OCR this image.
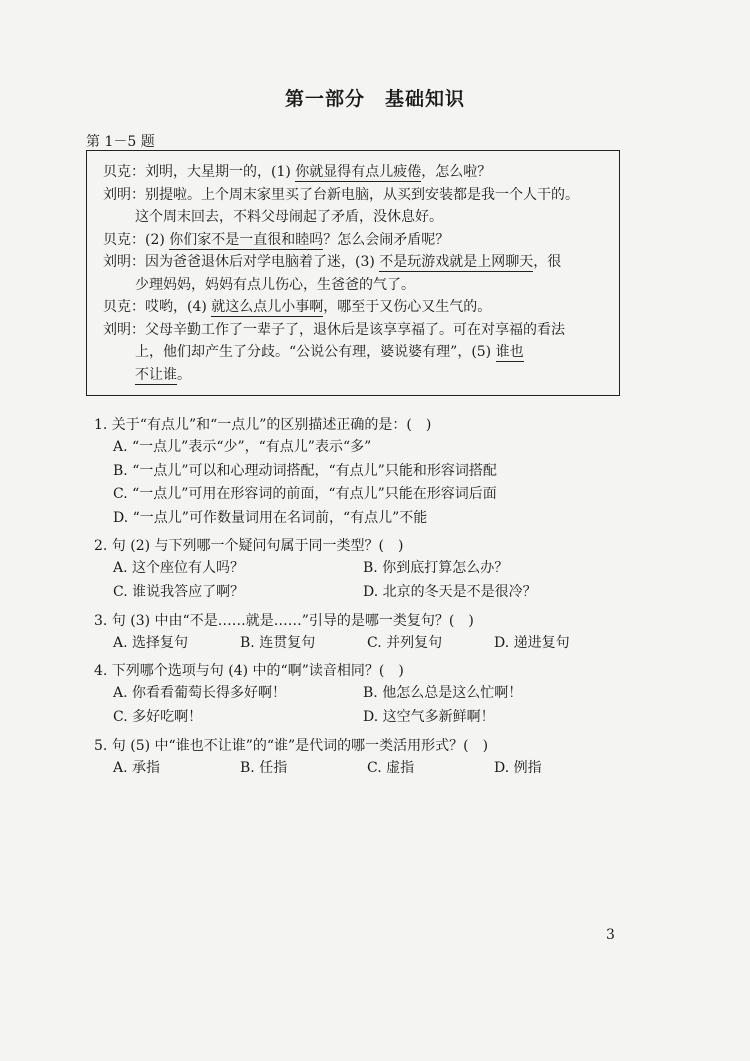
第一部分　基础知识
第 1－5 题

贝克：刘明，大星期一的，(1) 你就显得有点儿疲倦，怎么啦？

刘明：别提啦。上个周末家里买了台新电脑，从买到安装都是我一个人干的。

这个周末回去，不料父母闹起了矛盾，没休息好。

贝克：(2) 你们家不是一直很和睦吗？怎么会闹矛盾呢？

刘明：因为爸爸退休后对学电脑着了迷，(3) 不是玩游戏就是上网聊天，很

少理妈妈，妈妈有点儿伤心，生爸爸的气了。

贝克：哎哟，(4) 就这么点儿小事啊，哪至于又伤心又生气的。

刘明：父母辛勤工作了一辈子了，退休后是该享享福了。可在对享福的看法

上，他们却产生了分歧。“公说公有理，婆说婆有理”，(5) 谁也

不让谁。

1. 关于“有点儿”和“一点儿”的区别描述正确的是：(　)

A. “一点儿”表示“少”，“有点儿”表示“多”
B. “一点儿”可以和心理动词搭配，“有点儿”只能和形容词搭配
C. “一点儿”可用在形容词的前面，“有点儿”只能在形容词后面
D. “一点儿”可作数量词用在名词前，“有点儿”不能

2. 句 (2) 与下列哪一个疑问句属于同一类型？(　)

A. 这个座位有人吗？	B. 你到底打算怎么办？
C. 谁说我答应了啊？	D. 北京的冬天是不是很冷？

3. 句 (3) 中由“不是……就是……”引导的是哪一类复句？(　)

A. 选择复句	B. 连贯复句	C. 并列复句	D. 递进复句

4. 下列哪个选项与句 (4) 中的“啊”读音相同？(　)

A. 你看看葡萄长得多好啊！	B. 他怎么总是这么忙啊！
C. 多好吃啊！	D. 这空气多新鲜啊！

5. 句 (5) 中“谁也不让谁”的“谁”是代词的哪一类活用形式？(　)

A. 承指	B. 任指	C. 虚指	D. 例指
3
